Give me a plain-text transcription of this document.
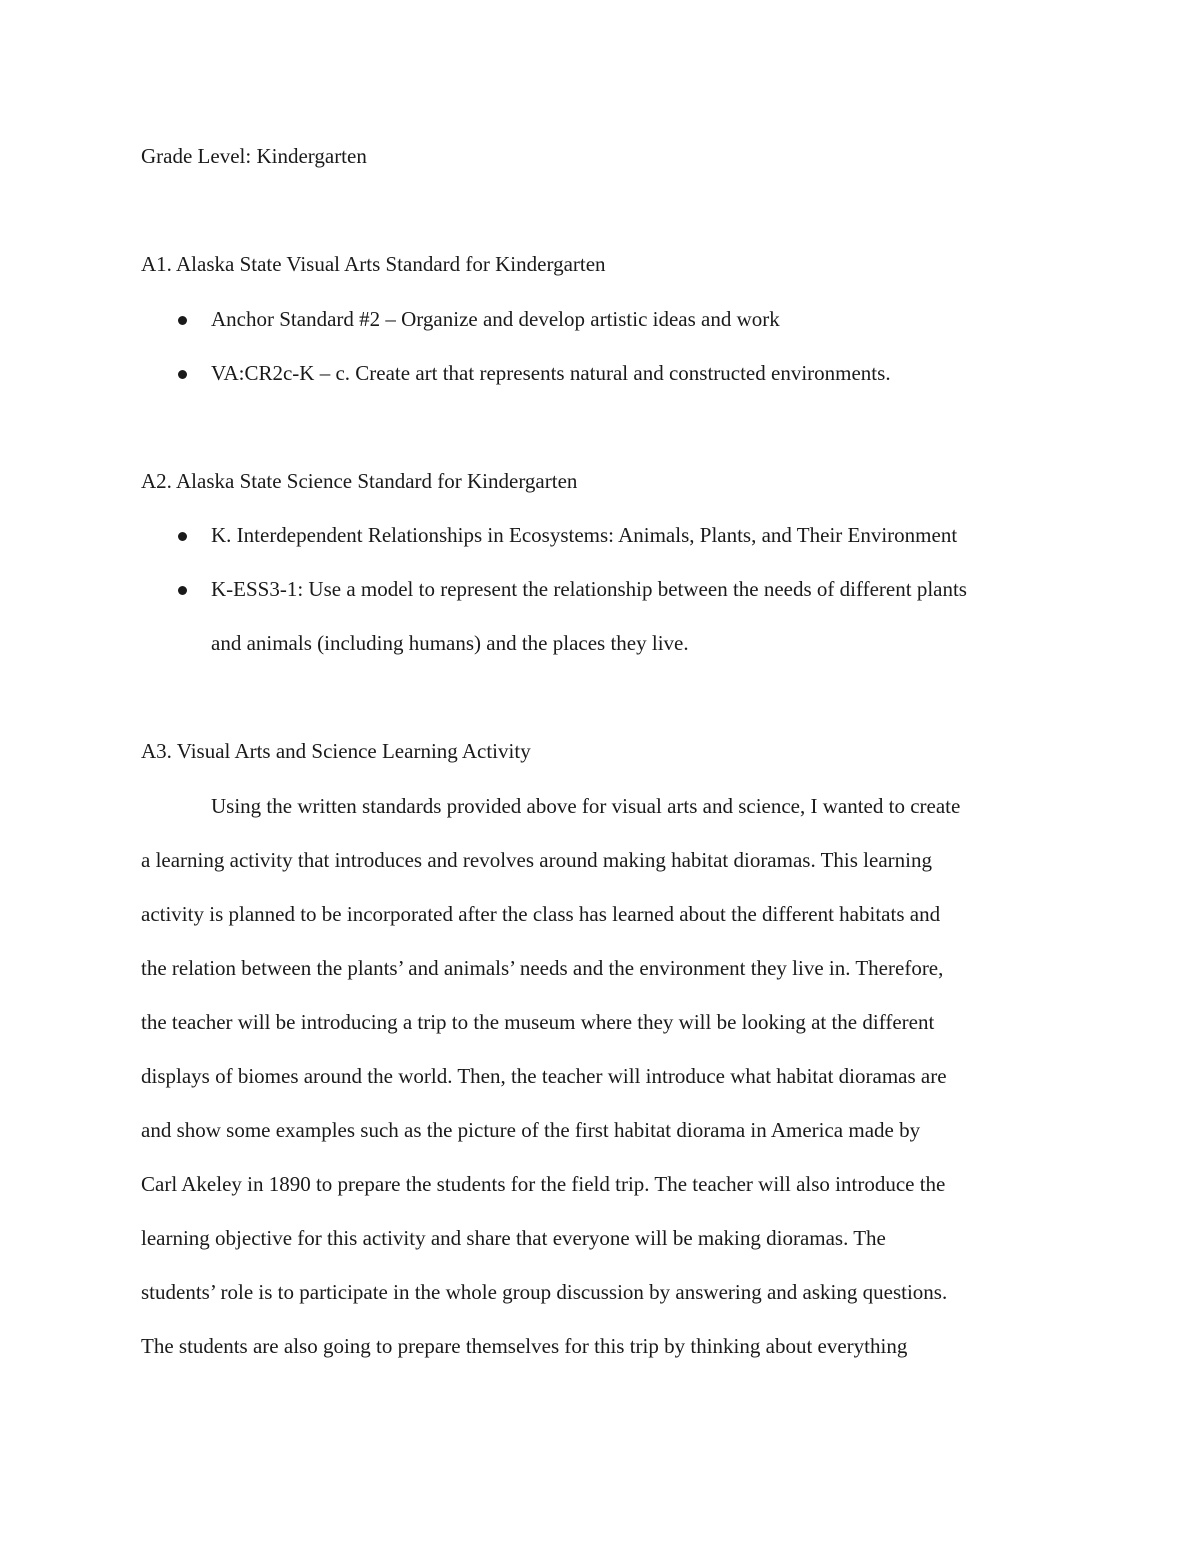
Grade Level: Kindergarten
A1. Alaska State Visual Arts Standard for Kindergarten
Anchor Standard #2 – Organize and develop artistic ideas and work
VA:CR2c-K – c. Create art that represents natural and constructed environments.
A2. Alaska State Science Standard for Kindergarten
K. Interdependent Relationships in Ecosystems: Animals, Plants, and Their Environment
K-ESS3-1: Use a model to represent the relationship between the needs of different plants
and animals (including humans) and the places they live.
A3. Visual Arts and Science Learning Activity
Using the written standards provided above for visual arts and science, I wanted to create
a learning activity that introduces and revolves around making habitat dioramas. This learning
activity is planned to be incorporated after the class has learned about the different habitats and
the relation between the plants’ and animals’ needs and the environment they live in. Therefore,
the teacher will be introducing a trip to the museum where they will be looking at the different
displays of biomes around the world. Then, the teacher will introduce what habitat dioramas are
and show some examples such as the picture of the first habitat diorama in America made by
Carl Akeley in 1890 to prepare the students for the field trip. The teacher will also introduce the
learning objective for this activity and share that everyone will be making dioramas. The
students’ role is to participate in the whole group discussion by answering and asking questions.
The students are also going to prepare themselves for this trip by thinking about everything
